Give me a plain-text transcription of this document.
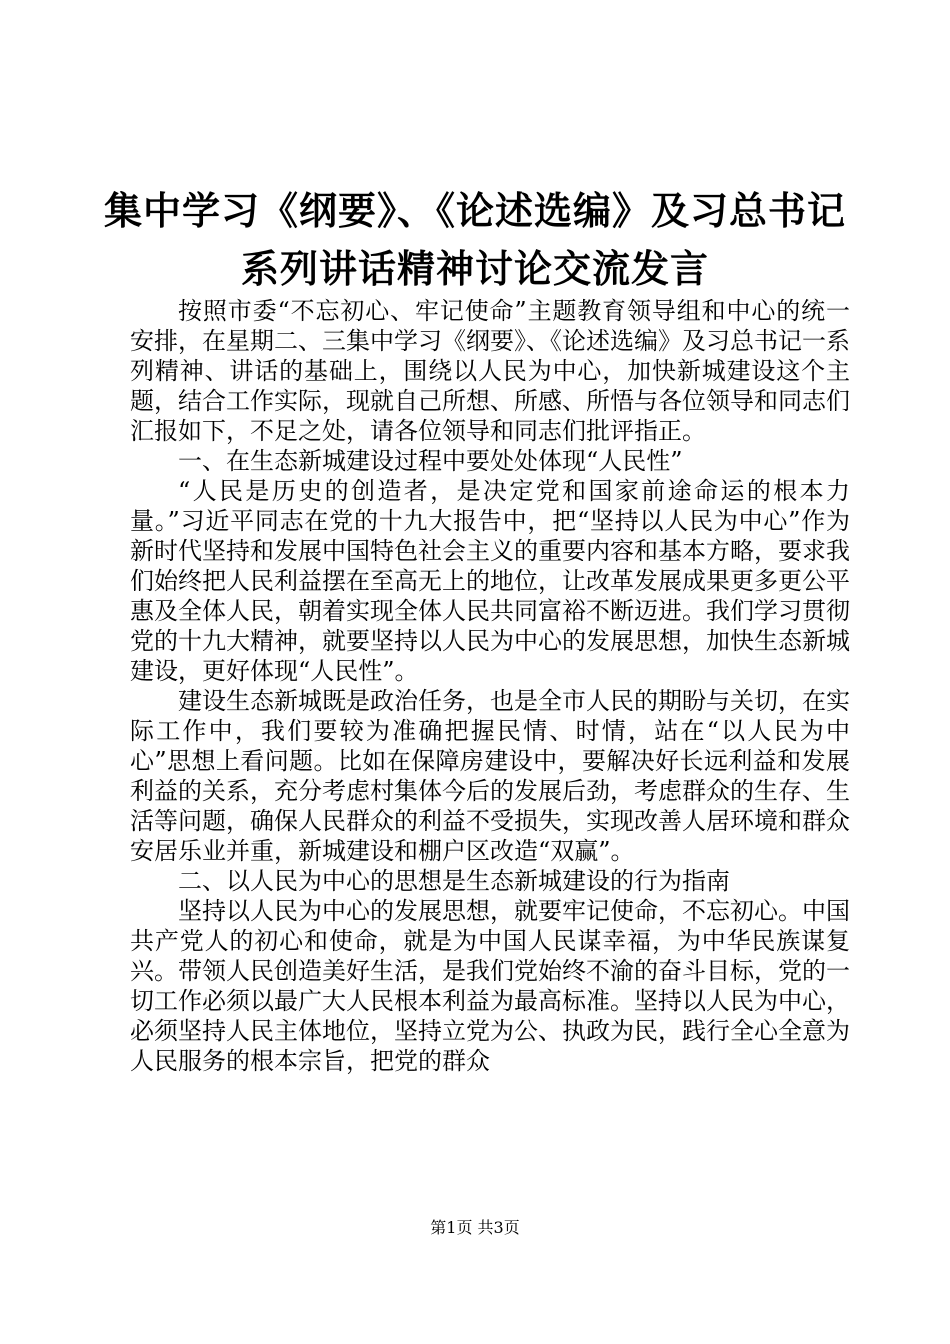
集中学习《纲要》、《论述选编》及习总书记
系列讲话精神讨论交流发言

按照市委“不忘初心、牢记使命”主题教育领导组和中心的统一安排，在星期二、三集中学习《纲要》、《论述选编》及习总书记一系列精神、讲话的基础上，围绕以人民为中心，加快新城建设这个主题，结合工作实际，现就自己所想、所感、所悟与各位领导和同志们汇报如下，不足之处，请各位领导和同志们批评指正。

一、在生态新城建设过程中要处处体现“人民性”

“人民是历史的创造者，是决定党和国家前途命运的根本力量。”习近平同志在党的十九大报告中，把“坚持以人民为中心”作为新时代坚持和发展中国特色社会主义的重要内容和基本方略，要求我们始终把人民利益摆在至高无上的地位，让改革发展成果更多更公平惠及全体人民，朝着实现全体人民共同富裕不断迈进。我们学习贯彻党的十九大精神，就要坚持以人民为中心的发展思想，加快生态新城建设，更好体现“人民性”。

建设生态新城既是政治任务，也是全市人民的期盼与关切，在实际工作中，我们要较为准确把握民情、时情，站在“以人民为中心”思想上看问题。比如在保障房建设中，要解决好长远利益和发展利益的关系，充分考虑村集体今后的发展后劲，考虑群众的生存、生活等问题，确保人民群众的利益不受损失，实现改善人居环境和群众安居乐业并重，新城建设和棚户区改造“双赢”。

二、以人民为中心的思想是生态新城建设的行为指南

坚持以人民为中心的发展思想，就要牢记使命，不忘初心。中国共产党人的初心和使命，就是为中国人民谋幸福，为中华民族谋复兴。带领人民创造美好生活，是我们党始终不渝的奋斗目标，党的一切工作必须以最广大人民根本利益为最高标准。坚持以人民为中心，必须坚持人民主体地位，坚持立党为公、执政为民，践行全心全意为人民服务的根本宗旨，把党的群众

第1页 共3页
